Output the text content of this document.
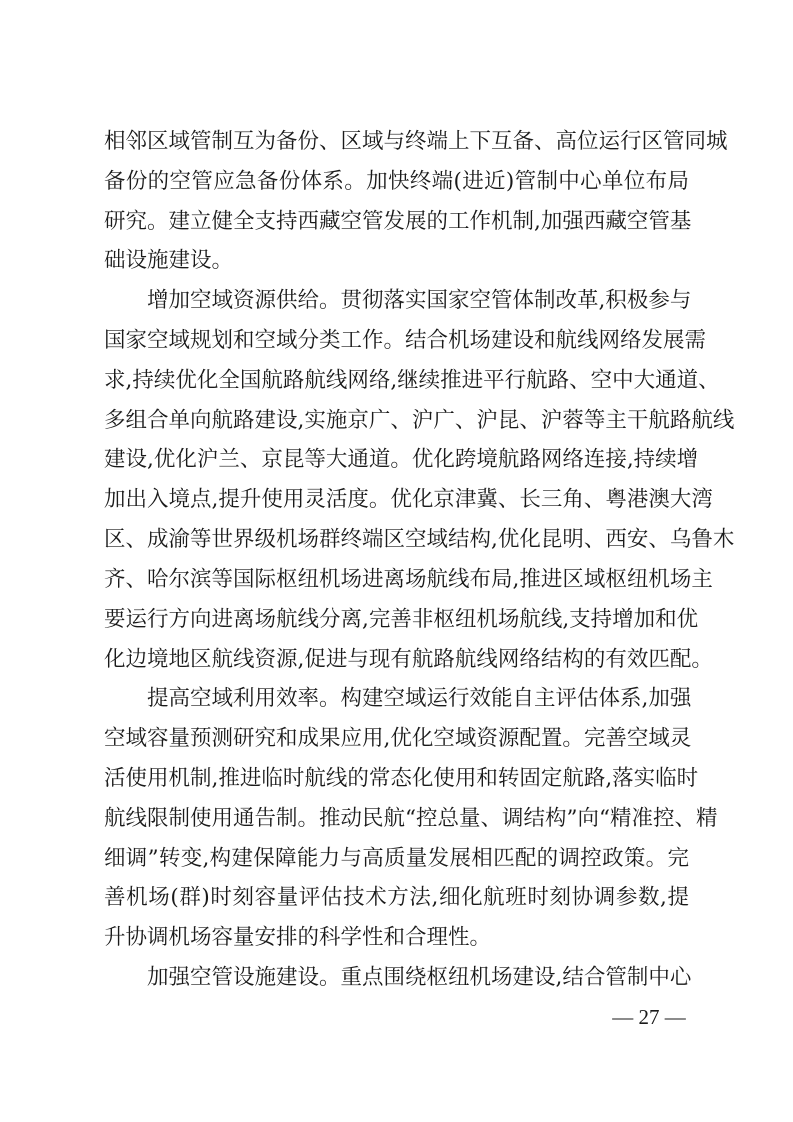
相邻区域管制互为备份、区域与终端上下互备、高位运行区管同城
备份的空管应急备份体系。加快终端(进近)管制中心单位布局
研究。建立健全支持西藏空管发展的工作机制,加强西藏空管基
础设施建设。
增加空域资源供给。贯彻落实国家空管体制改革,积极参与
国家空域规划和空域分类工作。结合机场建设和航线网络发展需
求,持续优化全国航路航线网络,继续推进平行航路、空中大通道、
多组合单向航路建设,实施京广、沪广、沪昆、沪蓉等主干航路航线
建设,优化沪兰、京昆等大通道。优化跨境航路网络连接,持续增
加出入境点,提升使用灵活度。优化京津冀、长三角、粤港澳大湾
区、成渝等世界级机场群终端区空域结构,优化昆明、西安、乌鲁木
齐、哈尔滨等国际枢纽机场进离场航线布局,推进区域枢纽机场主
要运行方向进离场航线分离,完善非枢纽机场航线,支持增加和优
化边境地区航线资源,促进与现有航路航线网络结构的有效匹配。
提高空域利用效率。构建空域运行效能自主评估体系,加强
空域容量预测研究和成果应用,优化空域资源配置。完善空域灵
活使用机制,推进临时航线的常态化使用和转固定航路,落实临时
航线限制使用通告制。推动民航“控总量、调结构”向“精准控、精
细调”转变,构建保障能力与高质量发展相匹配的调控政策。完
善机场(群)时刻容量评估技术方法,细化航班时刻协调参数,提
升协调机场容量安排的科学性和合理性。
加强空管设施建设。重点围绕枢纽机场建设,结合管制中心
— 27 —
